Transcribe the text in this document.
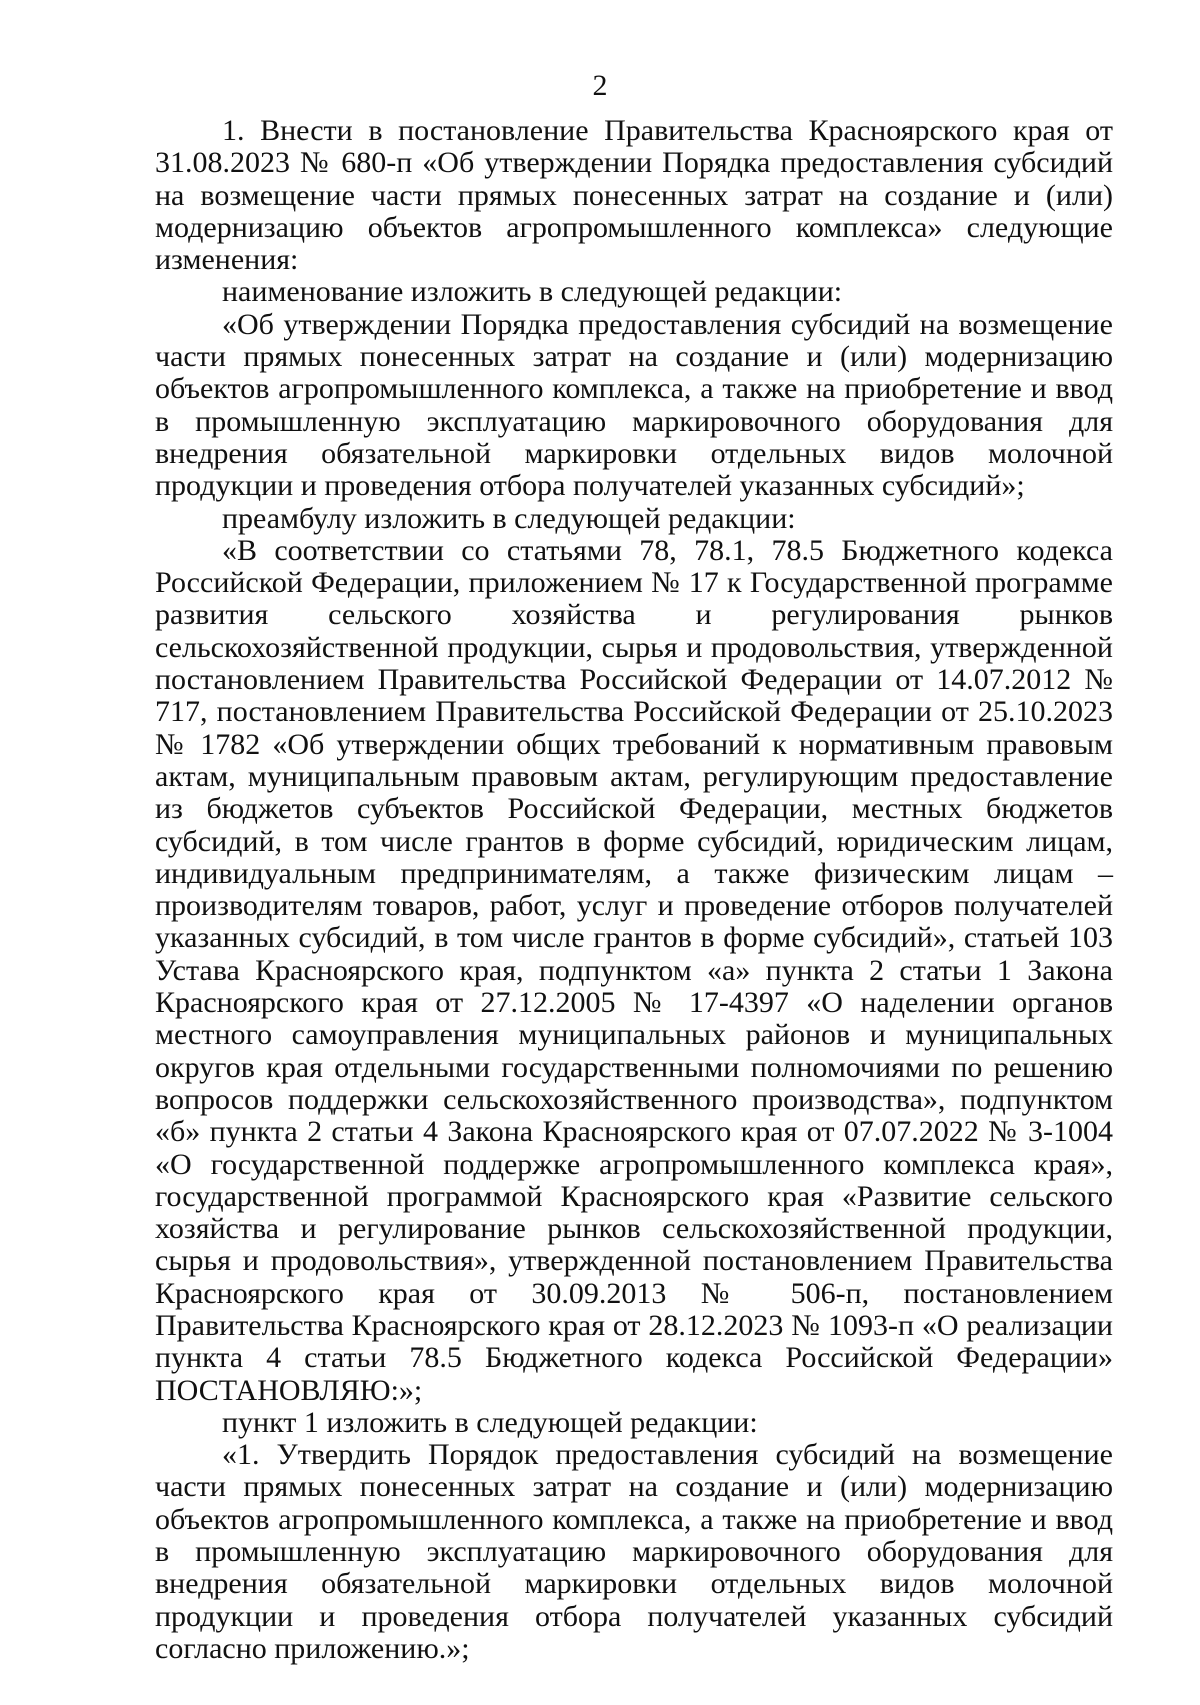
2

1. Внести в постановление Правительства Красноярского края от 31.08.2023 № 680-п «Об утверждении Порядка предоставления субсидий на возмещение части прямых понесенных затрат на создание и (или) модернизацию объектов агропромышленного комплекса» следующие изменения:

наименование изложить в следующей редакции:

«Об утверждении Порядка предоставления субсидий на возмещение части прямых понесенных затрат на создание и (или) модернизацию объектов агропромышленного комплекса, а также на приобретение и ввод в промышленную эксплуатацию маркировочного оборудования для внедрения обязательной маркировки отдельных видов молочной продукции и проведения отбора получателей указанных субсидий»;

преамбулу изложить в следующей редакции:

«В соответствии со статьями 78, 78.1, 78.5 Бюджетного кодекса Российской Федерации, приложением № 17 к Государственной программе развития сельского хозяйства и регулирования рынков сельскохозяйственной продукции, сырья и продовольствия, утвержденной постановлением Правительства Российской Федерации от 14.07.2012 № 717, постановлением Правительства Российской Федерации от 25.10.2023 № 1782 «Об утверждении общих требований к нормативным правовым актам, муниципальным правовым актам, регулирующим предоставление из бюджетов субъектов Российской Федерации, местных бюджетов субсидий, в том числе грантов в форме субсидий, юридическим лицам, индивидуальным предпринимателям, а также физическим лицам – производителям товаров, работ, услуг и проведение отборов получателей указанных субсидий, в том числе грантов в форме субсидий», статьей 103 Устава Красноярского края, подпунктом «а» пункта 2 статьи 1 Закона Красноярского края от 27.12.2005 № 17-4397 «О наделении органов местного самоуправления муниципальных районов и муниципальных округов края отдельными государственными полномочиями по решению вопросов поддержки сельскохозяйственного производства», подпунктом «б» пункта 2 статьи 4 Закона Красноярского края от 07.07.2022 № 3-1004 «О государственной поддержке агропромышленного комплекса края», государственной программой Красноярского края «Развитие сельского хозяйства и регулирование рынков сельскохозяйственной продукции, сырья и продовольствия», утвержденной постановлением Правительства Красноярского края от 30.09.2013 № 506-п, постановлением Правительства Красноярского края от 28.12.2023 № 1093-п «О реализации пункта 4 статьи 78.5 Бюджетного кодекса Российской Федерации» ПОСТАНОВЛЯЮ:»;

пункт 1 изложить в следующей редакции:

«1. Утвердить Порядок предоставления субсидий на возмещение части прямых понесенных затрат на создание и (или) модернизацию объектов агропромышленного комплекса, а также на приобретение и ввод в промышленную эксплуатацию маркировочного оборудования для внедрения обязательной маркировки отдельных видов молочной продукции и проведения отбора получателей указанных субсидий согласно приложению.»;
